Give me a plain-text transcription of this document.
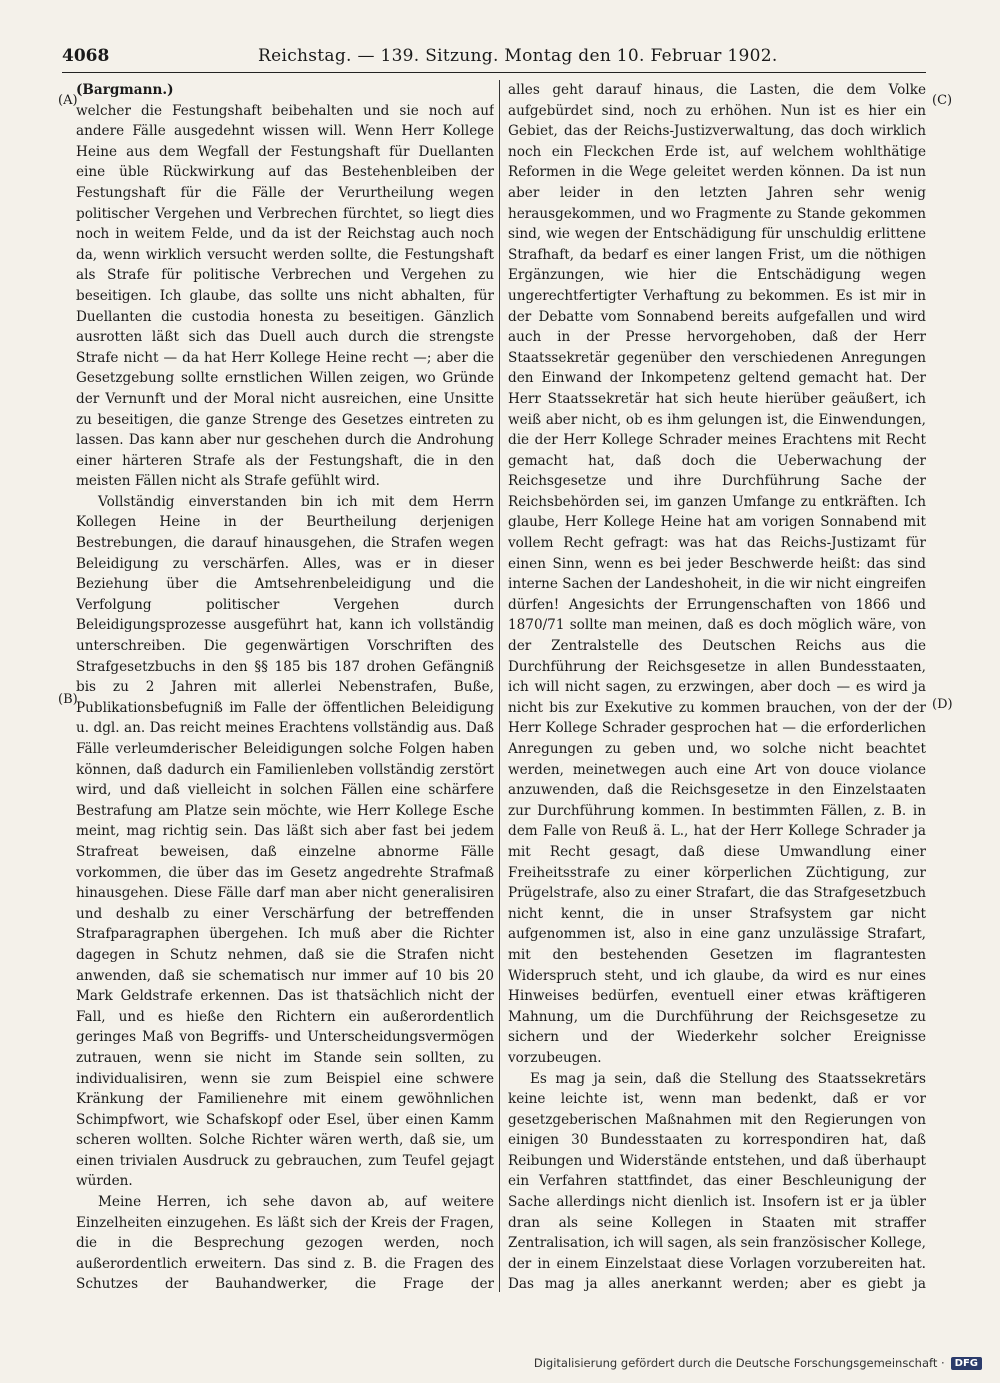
4068	Reichstag. — 139. Sitzung. Montag den 10. Februar 1902.
(A)
(B)
(C)
(D)

(Bargmann.)

welcher die Festungshaft beibehalten und sie noch auf andere Fälle ausgedehnt wissen will. Wenn Herr Kollege Heine aus dem Wegfall der Festungshaft für Duellanten eine üble Rückwirkung auf das Bestehenbleiben der Festungshaft für die Fälle der Verurtheilung wegen politischer Vergehen und Verbrechen fürchtet, so liegt dies noch in weitem Felde, und da ist der Reichstag auch noch da, wenn wirklich versucht werden sollte, die Festungshaft als Strafe für politische Verbrechen und Vergehen zu beseitigen. Ich glaube, das sollte uns nicht abhalten, für Duellanten die custodia honesta zu beseitigen. Gänzlich ausrotten läßt sich das Duell auch durch die strengste Strafe nicht — da hat Herr Kollege Heine recht —; aber die Gesetzgebung sollte ernstlichen Willen zeigen, wo Gründe der Vernunft und der Moral nicht ausreichen, eine Unsitte zu beseitigen, die ganze Strenge des Gesetzes eintreten zu lassen. Das kann aber nur geschehen durch die Androhung einer härteren Strafe als der Festungshaft, die in den meisten Fällen nicht als Strafe gefühlt wird.

Vollständig einverstanden bin ich mit dem Herrn Kollegen Heine in der Beurtheilung derjenigen Bestrebungen, die darauf hinausgehen, die Strafen wegen Beleidigung zu verschärfen. Alles, was er in dieser Beziehung über die Amtsehrenbeleidigung und die Verfolgung politischer Vergehen durch Beleidigungsprozesse ausgeführt hat, kann ich vollständig unterschreiben. Die gegenwärtigen Vorschriften des Strafgesetzbuchs in den §§ 185 bis 187 drohen Gefängniß bis zu 2 Jahren mit allerlei Nebenstrafen, Buße, Publikationsbefugniß im Falle der öffentlichen Beleidigung u. dgl. an. Das reicht meines Erachtens vollständig aus. Daß Fälle verleumderischer Beleidigungen solche Folgen haben können, daß dadurch ein Familienleben vollständig zerstört wird, und daß vielleicht in solchen Fällen eine schärfere Bestrafung am Platze sein möchte, wie Herr Kollege Esche meint, mag richtig sein. Das läßt sich aber fast bei jedem Strafreat beweisen, daß einzelne abnorme Fälle vorkommen, die über das im Gesetz angedrehte Strafmaß hinausgehen. Diese Fälle darf man aber nicht generalisiren und deshalb zu einer Verschärfung der betreffenden Strafparagraphen übergehen. Ich muß aber die Richter dagegen in Schutz nehmen, daß sie die Strafen nicht anwenden, daß sie schematisch nur immer auf 10 bis 20 Mark Geldstrafe erkennen. Das ist thatsächlich nicht der Fall, und es hieße den Richtern ein außerordentlich geringes Maß von Begriffs- und Unterscheidungsvermögen zutrauen, wenn sie nicht im Stande sein sollten, zu individualisiren, wenn sie zum Beispiel eine schwere Kränkung der Familienehre mit einem gewöhnlichen Schimpfwort, wie Schafskopf oder Esel, über einen Kamm scheren wollten. Solche Richter wären werth, daß sie, um einen trivialen Ausdruck zu gebrauchen, zum Teufel gejagt würden.

Meine Herren, ich sehe davon ab, auf weitere Einzelheiten einzugehen. Es läßt sich der Kreis der Fragen, die in die Besprechung gezogen werden, noch außerordentlich erweitern. Das sind z. B. die Fragen des Schutzes der Bauhandwerker, die Frage der

alles geht darauf hinaus, die Lasten, die dem Volke aufgebürdet sind, noch zu erhöhen. Nun ist es hier ein Gebiet, das der Reichs-Justizverwaltung, das doch wirklich noch ein Fleckchen Erde ist, auf welchem wohlthätige Reformen in die Wege geleitet werden können. Da ist nun aber leider in den letzten Jahren sehr wenig herausgekommen, und wo Fragmente zu Stande gekommen sind, wie wegen der Entschädigung für unschuldig erlittene Strafhaft, da bedarf es einer langen Frist, um die nöthigen Ergänzungen, wie hier die Entschädigung wegen ungerechtfertigter Verhaftung zu bekommen. Es ist mir in der Debatte vom Sonnabend bereits aufgefallen und wird auch in der Presse hervorgehoben, daß der Herr Staatssekretär gegenüber den verschiedenen Anregungen den Einwand der Inkompetenz geltend gemacht hat. Der Herr Staatssekretär hat sich heute hierüber geäußert, ich weiß aber nicht, ob es ihm gelungen ist, die Einwendungen, die der Herr Kollege Schrader meines Erachtens mit Recht gemacht hat, daß doch die Ueberwachung der Reichsgesetze und ihre Durchführung Sache der Reichsbehörden sei, im ganzen Umfange zu entkräften. Ich glaube, Herr Kollege Heine hat am vorigen Sonnabend mit vollem Recht gefragt: was hat das Reichs-Justizamt für einen Sinn, wenn es bei jeder Beschwerde heißt: das sind interne Sachen der Landeshoheit, in die wir nicht eingreifen dürfen! Angesichts der Errungenschaften von 1866 und 1870/71 sollte man meinen, daß es doch möglich wäre, von der Zentralstelle des Deutschen Reichs aus die Durchführung der Reichsgesetze in allen Bundesstaaten, ich will nicht sagen, zu erzwingen, aber doch — es wird ja nicht bis zur Exekutive zu kommen brauchen, von der der Herr Kollege Schrader gesprochen hat — die erforderlichen Anregungen zu geben und, wo solche nicht beachtet werden, meinetwegen auch eine Art von douce violance anzuwenden, daß die Reichsgesetze in den Einzelstaaten zur Durchführung kommen. In bestimmten Fällen, z. B. in dem Falle von Reuß ä. L., hat der Herr Kollege Schrader ja mit Recht gesagt, daß diese Umwandlung einer Freiheitsstrafe zu einer körperlichen Züchtigung, zur Prügelstrafe, also zu einer Strafart, die das Strafgesetzbuch nicht kennt, die in unser Strafsystem gar nicht aufgenommen ist, also in eine ganz unzulässige Strafart, mit den bestehenden Gesetzen im flagrantesten Widerspruch steht, und ich glaube, da wird es nur eines Hinweises bedürfen, eventuell einer etwas kräftigeren Mahnung, um die Durchführung der Reichsgesetze zu sichern und der Wiederkehr solcher Ereignisse vorzubeugen.

Es mag ja sein, daß die Stellung des Staatssekretärs keine leichte ist, wenn man bedenkt, daß er vor gesetzgeberischen Maßnahmen mit den Regierungen von einigen 30 Bundesstaaten zu korrespondiren hat, daß Reibungen und Widerstände entstehen, und daß überhaupt ein Verfahren stattfindet, das einer Beschleunigung der Sache allerdings nicht dienlich ist. Insofern ist er ja übler dran als seine Kollegen in Staaten mit straffer Zentralisation, ich will sagen, als sein französischer Kollege, der in einem Einzelstaat diese Vorlagen vorzubereiten hat. Das mag ja alles anerkannt werden; aber es giebt ja

Digitalisierung gefördert durch die Deutsche Forschungsgemeinschaft ·	DFG
